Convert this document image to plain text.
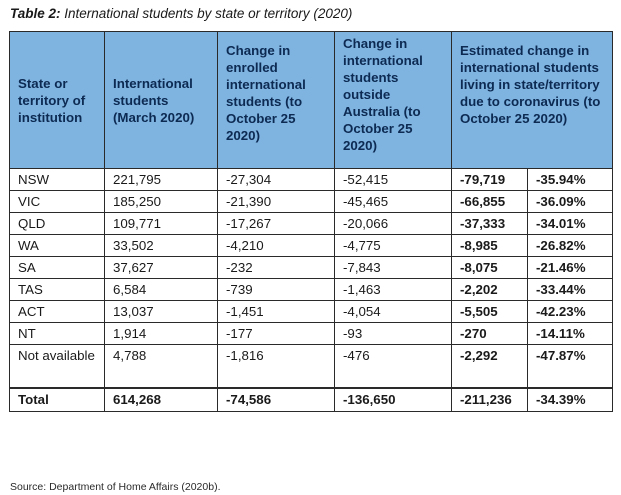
Table 2: International students by state or territory (2020)
State or territory of institution	International students (March 2020)	Change in enrolled international students (to October 25 2020)	Change in international students outside Australia (to October 25 2020)	Estimated change in international students living in state/territory due to coronavirus (to October 25 2020)	
NSW	221,795	-27,304	-52,415	-79,719	-35.94%
VIC	185,250	-21,390	-45,465	-66,855	-36.09%
QLD	109,771	-17,267	-20,066	-37,333	-34.01%
WA	33,502	-4,210	-4,775	-8,985	-26.82%
SA	37,627	-232	-7,843	-8,075	-21.46%
TAS	6,584	-739	-1,463	-2,202	-33.44%
ACT	13,037	-1,451	-4,054	-5,505	-42.23%
NT	1,914	-177	-93	-270	-14.11%
Not available	4,788	-1,816	-476	-2,292	-47.87%
Total	614,268	-74,586	-136,650	-211,236	-34.39%
Source: Department of Home Affairs (2020b).
